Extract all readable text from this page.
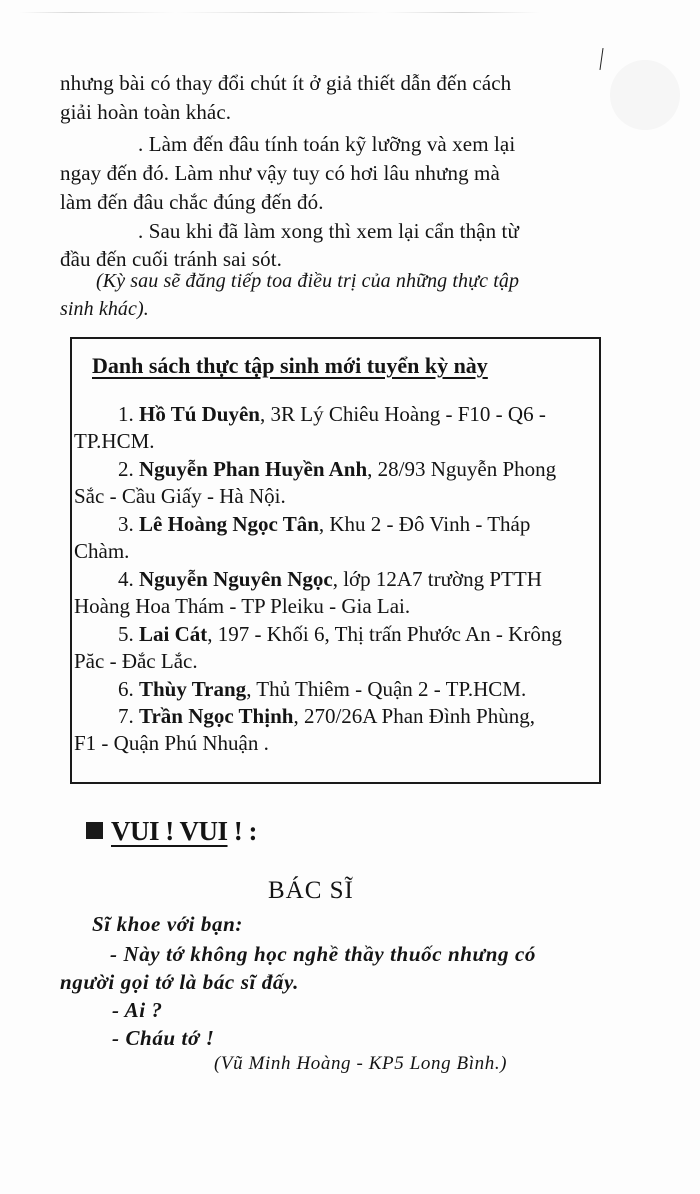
nhưng bài có thay đổi chút ít ở giả thiết dẫn đến cách
giải hoàn toàn khác.
. Làm đến đâu tính toán kỹ lưỡng và xem lại
ngay đến đó. Làm như vậy tuy có hơi lâu nhưng mà
làm đến đâu chắc đúng đến đó.
. Sau khi đã làm xong thì xem lại cẩn thận từ
đầu đến cuối tránh sai sót.
(Kỳ sau sẽ đăng tiếp toa điều trị của những thực tập
sinh khác).
Danh sách thực tập sinh mới tuyển kỳ này
1. Hồ Tú Duyên, 3R Lý Chiêu Hoàng - F10 - Q6 -
TP.HCM.
2. Nguyễn Phan Huyền Anh, 28/93 Nguyễn Phong
Sắc - Cầu Giấy - Hà Nội.
3. Lê Hoàng Ngọc Tân, Khu 2 - Đô Vinh - Tháp
Chàm.
4. Nguyễn Nguyên Ngọc, lớp 12A7 trường PTTH
Hoàng Hoa Thám - TP Pleiku - Gia Lai.
5. Lai Cát, 197 - Khối 6, Thị trấn Phước An - Krông
Păc - Đắc Lắc.
6. Thùy Trang, Thủ Thiêm - Quận 2 - TP.HCM.
7. Trần Ngọc Thịnh, 270/26A Phan Đình Phùng,
F1 - Quận Phú Nhuận .
VUI ! VUI ! :
BÁC SĨ
Sĩ khoe với bạn:
- Này tớ không học nghề thầy thuốc nhưng có
người gọi tớ là bác sĩ đấy.
- Ai ?
- Cháu tớ !
(Vũ Minh Hoàng - KP5 Long Bình.)
